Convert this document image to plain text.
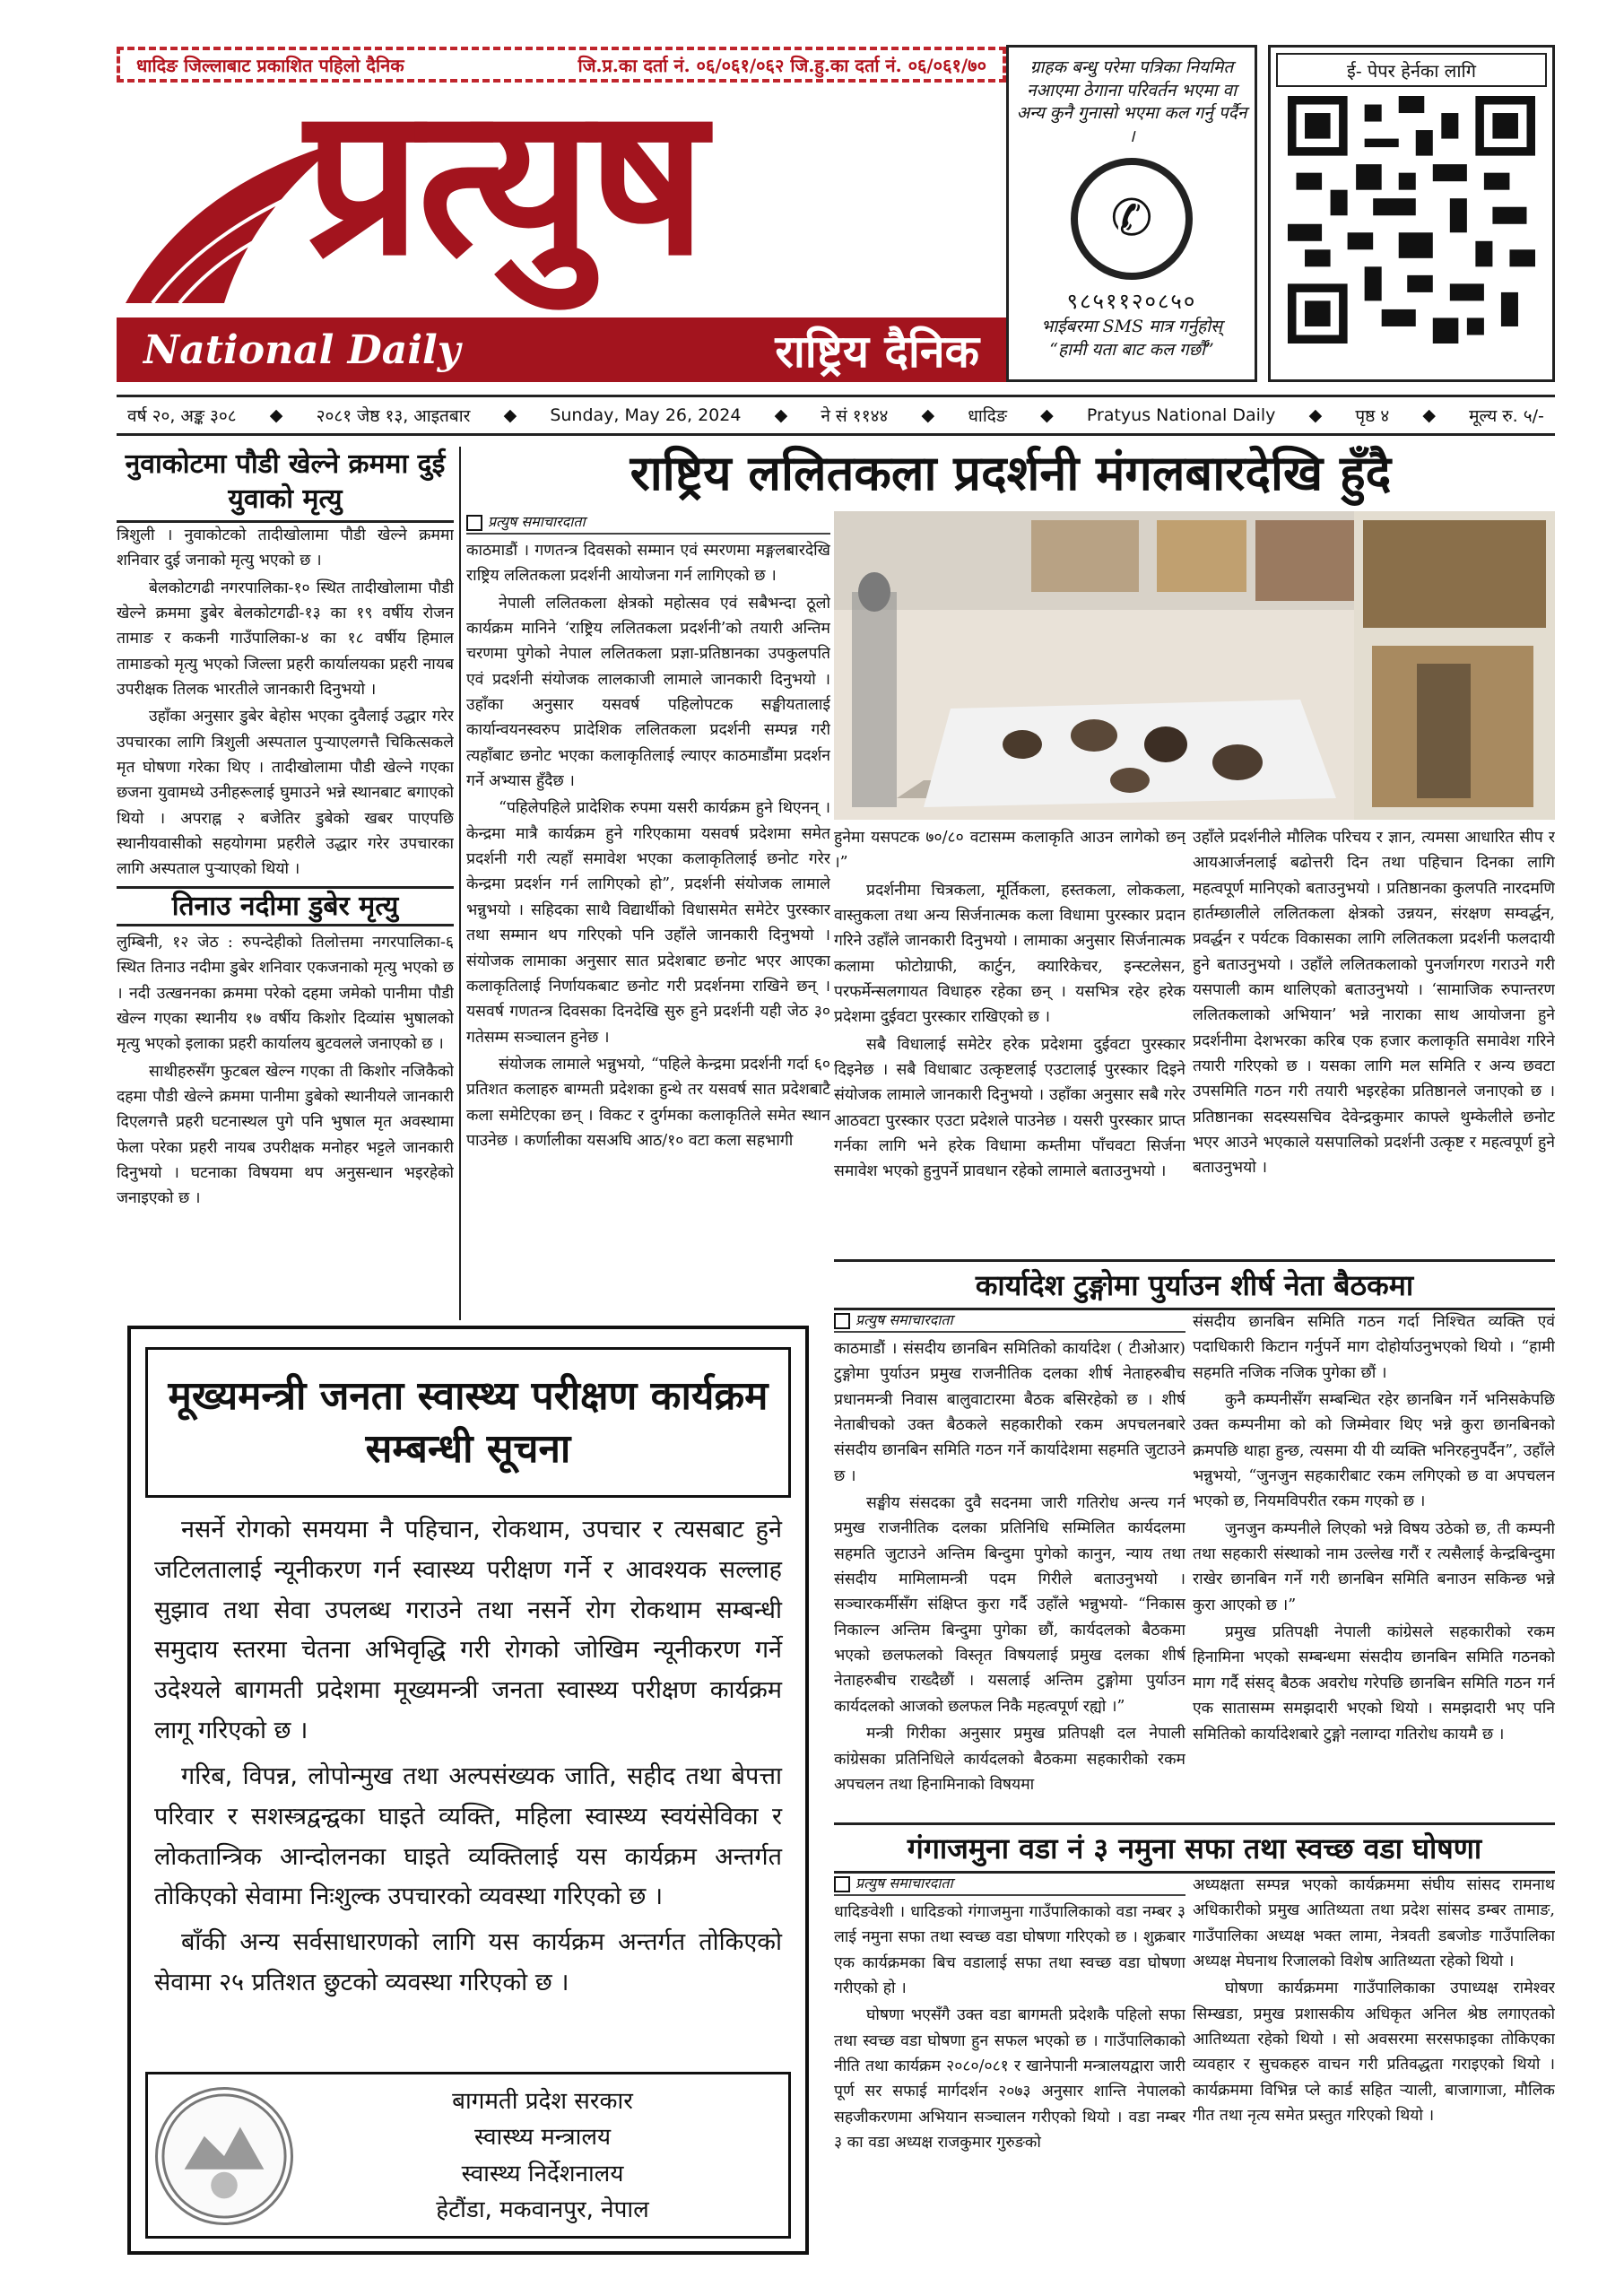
धादिङ जिल्लाबाट प्रकाशित पहिलो दैनिक	जि.प्र.का दर्ता नं. ०६/०६१/०६२ जि.हु.का दर्ता नं. ०६/०६१/७०
प्रत्युष
National Daily	राष्ट्रिय दैनिक
ग्राहक बन्धु परेमा पत्रिका नियमित नआएमा ठेगाना परिवर्तन भएमा वा अन्य कुनै गुनासो भएमा कल गर्नु पर्दैन ।
✆
९८५११२०८५०
भाईबरमा SMS मात्र गर्नुहोस्
“हामी यता बाट कल गर्छौं”
ई- पेपर हेर्नका लागि
वर्ष २०, अङ्क ३०८ ◆ २०८१ जेष्ठ १३, आइतबार ◆ Sunday, May 26, 2024 ◆ ने सं ११४४ ◆ धादिङ ◆ Pratyus National Daily ◆ पृष्ठ ४ ◆ मूल्य रु. ५/-
नुवाकोटमा पौडी खेल्ने क्रममा दुई युवाको मृत्यु

त्रिशुली । नुवाकोटको तादीखोलामा पौडी खेल्ने क्रममा शनिवार दुई जनाको मृत्यु भएको छ ।

बेलकोटगढी नगरपालिका-१० स्थित तादीखोलामा पौडी खेल्ने क्रममा डुबेर बेलकोटगढी-१३ का १९ वर्षीय रोजन तामाङ र ककनी गाउँपालिका-४ का १८ वर्षीय हिमाल तामाङको मृत्यु भएको जिल्ला प्रहरी कार्यालयका प्रहरी नायब उपरीक्षक तिलक भारतीले जानकारी दिनुभयो ।

उहाँका अनुसार डुबेर बेहोस भएका दुवैलाई उद्धार गरेर उपचारका लागि त्रिशुली अस्पताल पुर्‍याएलगत्तै चिकित्सकले मृत घोषणा गरेका थिए । तादीखोलामा पौडी खेल्ने गएका छजना युवामध्ये उनीहरूलाई घुमाउने भन्ने स्थानबाट बगाएको थियो । अपराह्न २ बजेतिर डुबेको खबर पाएपछि स्थानीयवासीको सहयोगमा प्रहरीले उद्धार गरेर उपचारका लागि अस्पताल पुर्‍याएको थियो ।

तिनाउ नदीमा डुबेर मृत्यु

लुम्बिनी, १२ जेठ : रुपन्देहीको तिलोत्तमा नगरपालिका-६ स्थित तिनाउ नदीमा डुबेर शनिवार एकजनाको मृत्यु भएको छ । नदी उत्खननका क्रममा परेको दहमा जमेको पानीमा पौडी खेल्न गएका स्थानीय १७ वर्षीय किशोर दिव्यांस भुषालको मृत्यु भएको इलाका प्रहरी कार्यालय बुटवलले जनाएको छ ।

साथीहरुसँग फुटबल खेल्न गएका ती किशोर नजिकैको दहमा पौडी खेल्ने क्रममा पानीमा डुबेको स्थानीयले जानकारी दिएलगत्तै प्रहरी घटनास्थल पुगे पनि भुषाल मृत अवस्थामा फेला परेका प्रहरी नायब उपरीक्षक मनोहर भट्टले जानकारी दिनुभयो । घटनाका विषयमा थप अनुसन्धान भइरहेको जनाइएको छ ।

राष्ट्रिय ललितकला प्रदर्शनी मंगलबारदेखि हुँदै
प्रत्युष समाचारदाता

काठमाडौं । गणतन्त्र दिवसको सम्मान एवं स्मरणमा मङ्गलबारदेखि राष्ट्रिय ललितकला प्रदर्शनी आयोजना गर्न लागिएको छ ।

नेपाली ललितकला क्षेत्रको महोत्सव एवं सबैभन्दा ठूलो कार्यक्रम मानिने ‘राष्ट्रिय ललितकला प्रदर्शनी’को तयारी अन्तिम चरणमा पुगेको नेपाल ललितकला प्रज्ञा-प्रतिष्ठानका उपकुलपति एवं प्रदर्शनी संयोजक लालकाजी लामाले जानकारी दिनुभयो । उहाँका अनुसार यसवर्ष पहिलोपटक सङ्घीयतालाई कार्यान्वयनस्वरुप प्रादेशिक ललितकला प्रदर्शनी सम्पन्न गरी त्यहाँबाट छनोट भएका कलाकृतिलाई ल्याएर काठमाडौंमा प्रदर्शन गर्ने अभ्यास हुँदैछ ।

“पहिलेपहिले प्रादेशिक रुपमा यसरी कार्यक्रम हुने थिएनन् । केन्द्रमा मात्रै कार्यक्रम हुने गरिएकामा यसवर्ष प्रदेशमा समेत प्रदर्शनी गरी त्यहाँ समावेश भएका कलाकृतिलाई छनोट गरेर केन्द्रमा प्रदर्शन गर्न लागिएको हो”, प्रदर्शनी संयोजक लामाले भन्नुभयो । सहिदका साथै विद्यार्थीको विधासमेत समेटेर पुरस्कार तथा सम्मान थप गरिएको पनि उहाँले जानकारी दिनुभयो । संयोजक लामाका अनुसार सात प्रदेशबाट छनोट भएर आएका कलाकृतिलाई निर्णायकबाट छनोट गरी प्रदर्शनमा राखिने छन् । यसवर्ष गणतन्त्र दिवसका दिनदेखि सुरु हुने प्रदर्शनी यही जेठ ३० गतेसम्म सञ्चालन हुनेछ ।

संयोजक लामाले भन्नुभयो, “पहिले केन्द्रमा प्रदर्शनी गर्दा ६० प्रतिशत कलाहरु बाग्मती प्रदेशका हुन्थे तर यसवर्ष सात प्रदेशबाटै कला समेटिएका छन् । विकट र दुर्गमका कलाकृतिले समेत स्थान पाउनेछ । कर्णालीका यसअघि आठ/१० वटा कला सहभागी

हुनेमा यसपटक ७०/८० वटासम्म कलाकृति आउन लागेको छन् ।”

प्रदर्शनीमा चित्रकला, मूर्तिकला, हस्तकला, लोककला, वास्तुकला तथा अन्य सिर्जनात्मक कला विधामा पुरस्कार प्रदान गरिने उहाँले जानकारी दिनुभयो । लामाका अनुसार सिर्जनात्मक कलामा फोटोग्राफी, कार्टुन, क्यारिकेचर, इन्स्टलेसन, परफर्मेन्सलगायत विधाहरु रहेका छन् । यसभित्र रहेर हरेक प्रदेशमा दुईवटा पुरस्कार राखिएको छ ।

सबै विधालाई समेटेर हरेक प्रदेशमा दुईवटा पुरस्कार दिइनेछ । सबै विधाबाट उत्कृष्टलाई एउटालाई पुरस्कार दिइने संयोजक लामाले जानकारी दिनुभयो । उहाँका अनुसार सबै गरेर आठवटा पुरस्कार एउटा प्रदेशले पाउनेछ । यसरी पुरस्कार प्राप्त गर्नका लागि भने हरेक विधामा कम्तीमा पाँचवटा सिर्जना समावेश भएको हुनुपर्ने प्रावधान रहेको लामाले बताउनुभयो ।

उहाँले प्रदर्शनीले मौलिक परिचय र ज्ञान, त्यमसा आधारित सीप र आयआर्जनलाई बढोत्तरी दिन तथा पहिचान दिनका लागि महत्वपूर्ण मानिएको बताउनुभयो । प्रतिष्ठानका कुलपति नारदमणि हार्तम्छालीले ललितकला क्षेत्रको उन्नयन, संरक्षण सम्वर्द्धन, प्रवर्द्धन र पर्यटक विकासका लागि ललितकला प्रदर्शनी फलदायी हुने बताउनुभयो । उहाँले ललितकलाको पुनर्जागरण गराउने गरी यसपाली काम थालिएको बताउनुभयो । ‘सामाजिक रुपान्तरण ललितकलाको अभियान’ भन्ने नाराका साथ आयोजना हुने प्रदर्शनीमा देशभरका करिब एक हजार कलाकृति समावेश गरिने तयारी गरिएको छ । यसका लागि मल समिति र अन्य छवटा उपसमिति गठन गरी तयारी भइरहेका प्रतिष्ठानले जनाएको छ । प्रतिष्ठानका सदस्यसचिव देवेन्द्रकुमार काफ्ले थुम्केलीले छनोट भएर आउने भएकाले यसपालिको प्रदर्शनी उत्कृष्ट र महत्वपूर्ण हुने बताउनुभयो ।

कार्यादेश टुङ्गोमा पुर्याउन शीर्ष नेता बैठकमा
प्रत्युष समाचारदाता

काठमाडौं । संसदीय छानबिन समितिको कार्यादेश ( टीओआर) टुङ्गोमा पुर्याउन प्रमुख राजनीतिक दलका शीर्ष नेताहरुबीच प्रधानमन्त्री निवास बालुवाटारमा बैठक बसिरहेको छ । शीर्ष नेताबीचको उक्त बैठकले सहकारीको रकम अपचलनबारे संसदीय छानबिन समिति गठन गर्ने कार्यादेशमा सहमति जुटाउने छ ।

सङ्घीय संसदका दुवै सदनमा जारी गतिरोध अन्त्य गर्न प्रमुख राजनीतिक दलका प्रतिनिधि सम्मिलित कार्यदलमा सहमति जुटाउने अन्तिम बिन्दुमा पुगेको कानुन, न्याय तथा संसदीय मामिलामन्त्री पदम गिरीले बताउनुभयो । सञ्चारकर्मीसँग संक्षिप्त कुरा गर्दै उहाँले भन्नुभयो- “निकास निकाल्न अन्तिम बिन्दुमा पुगेका छौं, कार्यदलको बैठकमा भएको छलफलको विस्तृत विषयलाई प्रमुख दलका शीर्ष नेताहरुबीच राख्दैछौं । यसलाई अन्तिम टुङ्गोमा पुर्याउन कार्यदलको आजको छलफल निकै महत्वपूर्ण रह्यो ।”

मन्त्री गिरीका अनुसार प्रमुख प्रतिपक्षी दल नेपाली कांग्रेसका प्रतिनिधिले कार्यदलको बैठकमा सहकारीको रकम अपचलन तथा हिनामिनाको विषयमा

संसदीय छानबिन समिति गठन गर्दा निश्चित व्यक्ति एवं पदाधिकारी किटान गर्नुपर्ने माग दोहोर्याउनुभएको थियो । “हामी सहमति नजिक नजिक पुगेका छौं ।

कुनै कम्पनीसँग सम्बन्धित रहेर छानबिन गर्ने भनिसकेपछि उक्त कम्पनीमा को को जिम्मेवार थिए भन्ने कुरा छानबिनको क्रमपछि थाहा हुन्छ, त्यसमा यी यी व्यक्ति भनिरहनुपर्दैन”, उहाँले भन्नुभयो, “जुनजुन सहकारीबाट रकम लगिएको छ वा अपचलन भएको छ, नियमविपरीत रकम गएको छ ।

जुनजुन कम्पनीले लिएको भन्ने विषय उठेको छ, ती कम्पनी तथा सहकारी संस्थाको नाम उल्लेख गरौं र त्यसैलाई केन्द्रबिन्दुमा राखेर छानबिन गर्ने गरी छानबिन समिति बनाउन सकिन्छ भन्ने कुरा आएको छ ।”

प्रमुख प्रतिपक्षी नेपाली कांग्रेसले सहकारीको रकम हिनामिना भएको सम्बन्धमा संसदीय छानबिन समिति गठनको माग गर्दै संसद् बैठक अवरोध गरेपछि छानबिन समिति गठन गर्न एक सातासम्म समझदारी भएको थियो । समझदारी भए पनि समितिको कार्यादेशबारे टुङ्गो नलाग्दा गतिरोध कायमै छ ।

गंगाजमुना वडा नं ३ नमुना सफा तथा स्वच्छ वडा घोषणा
प्रत्युष समाचारदाता

धादिङवेशी । धादिङको गंगाजमुना गाउँपालिकाको वडा नम्बर ३ लाई नमुना सफा तथा स्वच्छ वडा घोषणा गरिएको छ । शुक्रबार एक कार्यक्रमका बिच वडालाई सफा तथा स्वच्छ वडा घोषणा गरीएको हो ।

घोषणा भएसँगै उक्त वडा बागमती प्रदेशकै पहिलो सफा तथा स्वच्छ वडा घोषणा हुन सफल भएको छ । गाउँपालिकाको नीति तथा कार्यक्रम २०८०/०८१ र खानेपानी मन्त्रालयद्वारा जारी पूर्ण सर सफाई मार्गदर्शन २०७३ अनुसार शान्ति नेपालको सहजीकरणमा अभियान सञ्चालन गरीएको थियो । वडा नम्बर ३ का वडा अध्यक्ष राजकुमार गुरुङको

अध्यक्षता सम्पन्न भएको कार्यक्रममा संघीय सांसद रामनाथ अधिकारीको प्रमुख आतिथ्यता तथा प्रदेश सांसद डम्बर तामाङ, गाउँपालिका अध्यक्ष भक्त लामा, नेत्रवती डबजोङ गाउँपालिका अध्यक्ष मेघनाथ रिजालको विशेष आतिथ्यता रहेको थियो ।

घोषणा कार्यक्रममा गाउँपालिकाका उपाध्यक्ष रामेश्वर सिम्खडा, प्रमुख प्रशासकीय अधिकृत अनिल श्रेष्ठ लगाएतको आतिथ्यता रहेको थियो । सो अवसरमा सरसफाइका तोकिएका व्यवहार र सुचकहरु वाचन गरी प्रतिवद्धता गराइएको थियो । कार्यक्रममा विभिन्न प्ले कार्ड सहित र्‍याली, बाजागाजा, मौलिक गीत तथा नृत्य समेत प्रस्तुत गरिएको थियो ।

मूख्यमन्त्री जनता स्वास्थ्य परीक्षण कार्यक्रम सम्बन्धी सूचना

नसर्ने रोगको समयमा नै पहिचान, रोकथाम, उपचार र त्यसबाट हुने जटिलतालाई न्यूनीकरण गर्न स्वास्थ्य परीक्षण गर्ने र आवश्यक सल्लाह सुझाव तथा सेवा उपलब्ध गराउने तथा नसर्ने रोग रोकथाम सम्बन्धी समुदाय स्तरमा चेतना अभिवृद्धि गरी रोगको जोखिम न्यूनीकरण गर्ने उदेश्यले बागमती प्रदेशमा मूख्यमन्त्री जनता स्वास्थ्य परीक्षण कार्यक्रम लागू गरिएको छ ।

गरिब, विपन्न, लोपोन्मुख तथा अल्पसंख्यक जाति, सहीद तथा बेपत्ता परिवार र सशस्त्रद्वन्द्वका घाइते व्यक्ति, महिला स्वास्थ्य स्वयंसेविका र लोकतान्त्रिक आन्दोलनका घाइते व्यक्तिलाई यस कार्यक्रम अन्तर्गत तोकिएको सेवामा निःशुल्क उपचारको व्यवस्था गरिएको छ ।

बाँकी अन्य सर्वसाधारणको लागि यस कार्यक्रम अन्तर्गत तोकिएको सेवामा २५ प्रतिशत छुटको व्यवस्था गरिएको छ ।

बागमती प्रदेश सरकार
स्वास्थ्य मन्त्रालय
स्वास्थ्य निर्देशनालय
हेटौंडा, मकवानपुर, नेपाल
